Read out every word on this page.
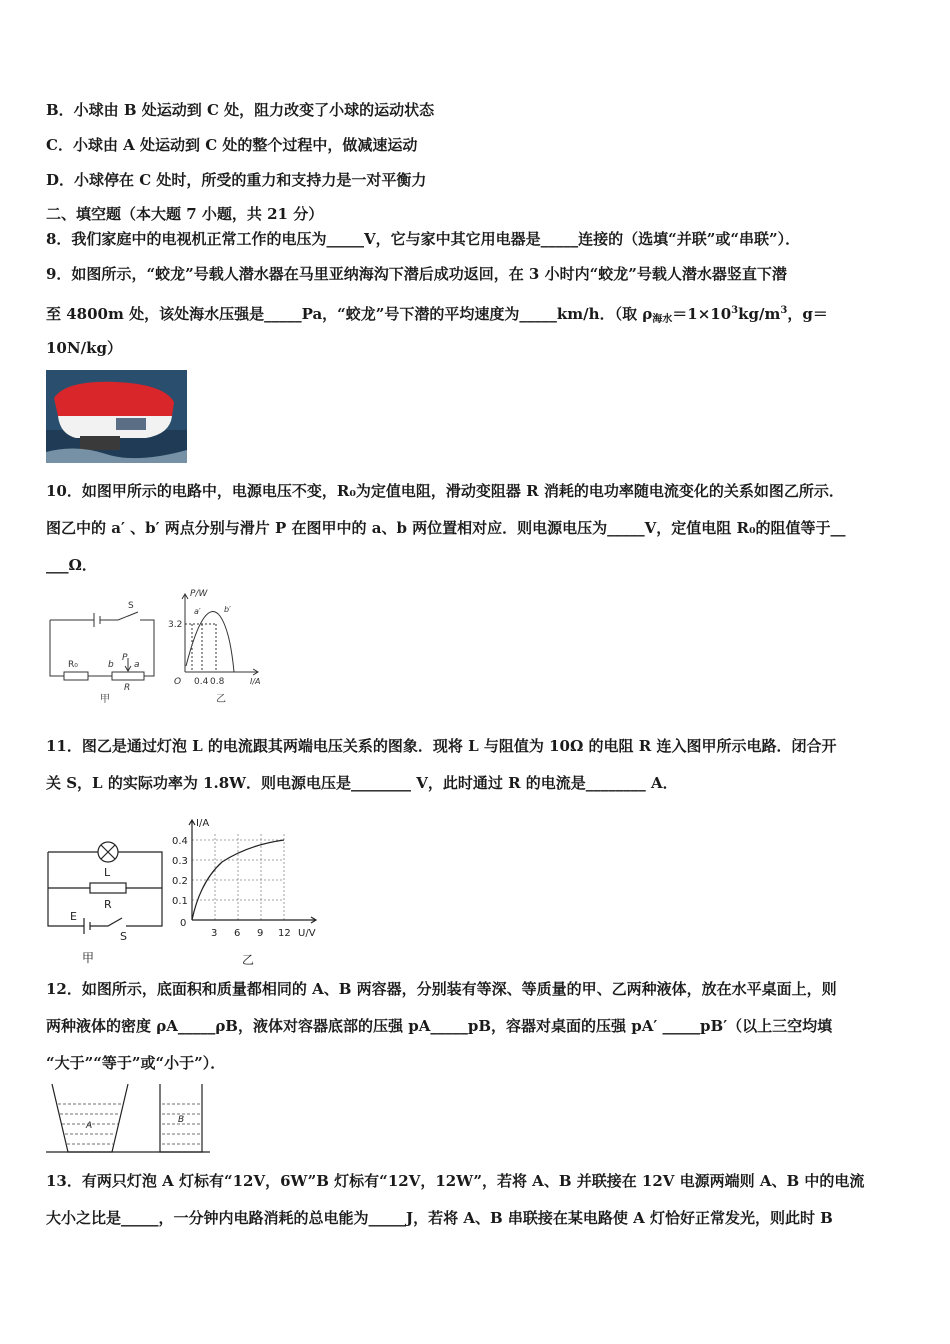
B．小球由 B 处运动到 C 处，阻力改变了小球的运动状态
C．小球由 A 处运动到 C 处的整个过程中，做减速运动
D．小球停在 C 处时，所受的重力和支持力是一对平衡力
二、填空题（本大题 7 小题，共 21 分）
8．我们家庭中的电视机正常工作的电压为_____V，它与家中其它用电器是_____连接的（选填“并联”或“串联”）．
9．如图所示，“蛟龙”号载人潜水器在马里亚纳海沟下潜后成功返回，在 3 小时内“蛟龙”号载人潜水器竖直下潜
至 4800m 处，该处海水压强是_____Pa，“蛟龙”号下潜的平均速度为_____km/h．（取 $\rho_{海水}=1\times 10^3kg/m^3$，g＝
10N/kg）
10．如图甲所示的电路中，电源电压不变，R₀为定值电阻，滑动变阻器 R 消耗的电功率随电流变化的关系如图乙所示．
图乙中的 a′ 、b′ 两点分别与滑片 P 在图甲中的 a、b 两位置相对应．则电源电压为_____V，定值电阻 R₀的阻值等于__
___Ω．
R₀	b
P
a
R
S
甲
P/W
3.2
a′	b′
O 0.4 0.8	I/A
乙
11．图乙是通过灯泡 L 的电流跟其两端电压关系的图象．现将 L 与阻值为 10Ω 的电阻 R 连入图甲所示电路．闭合开
关 S，L 的实际功率为 1.8W．则电源电压是________ V，此时通过 R 的电流是________ A．
L
R
E
S
甲
I/A
0.4
0.3
0.2
0.1
0
3 6 9 12 U/V
乙
12．如图所示，底面积和质量都相同的 A、B 两容器，分别装有等深、等质量的甲、乙两种液体，放在水平桌面上，则
两种液体的密度 ρA_____ρB，液体对容器底部的压强 pA_____pB，容器对桌面的压强 pA′ _____pB′（以上三空均填
“大于”“等于”或“小于”）．
A
B
13．有两只灯泡 A 灯标有“12V，6W”B 灯标有“12V，12W”，若将 A、B 并联接在 12V 电源两端则 A、B 中的电流
大小之比是_____，一分钟内电路消耗的总电能为_____J，若将 A、B 串联接在某电路使 A 灯恰好正常发光，则此时 B
